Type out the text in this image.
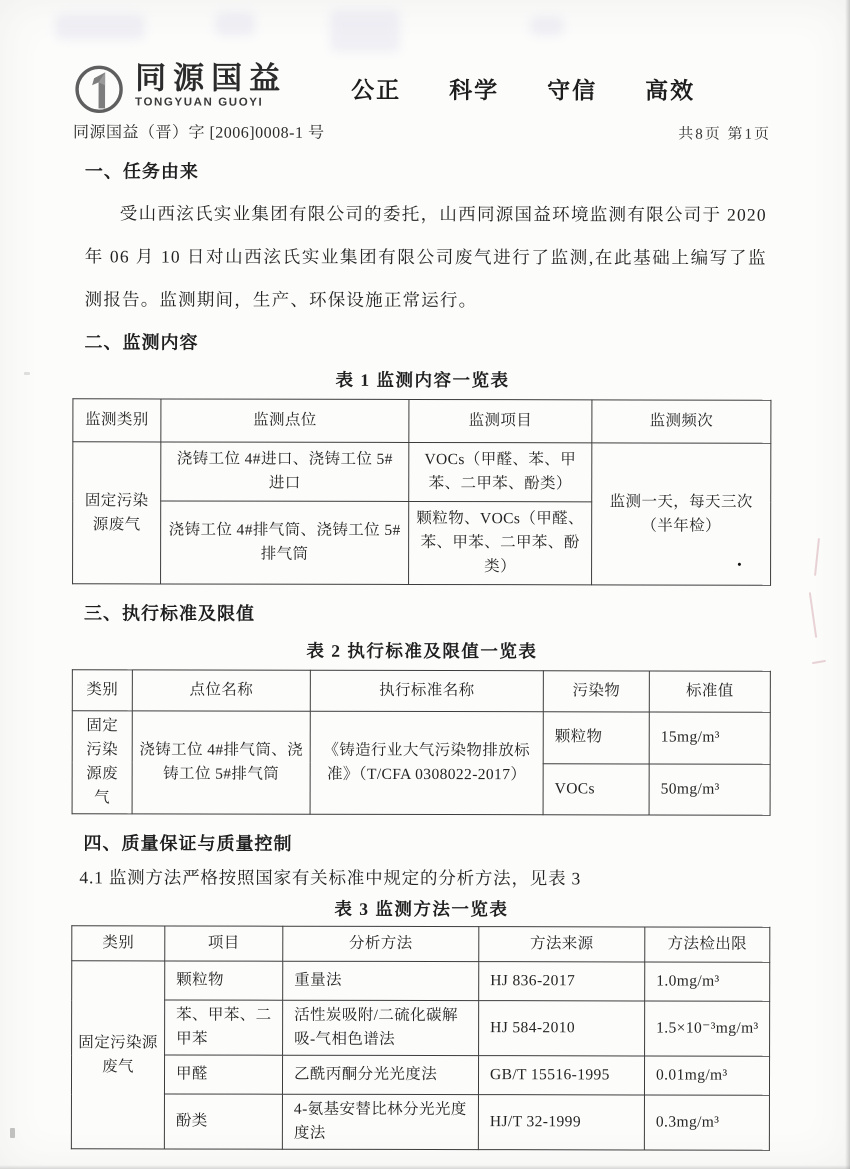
同源国益
TONGYUAN GUOYI	公正 科学 守信 高效
同源国益（晋）字 [2006]0008-1 号	共8页 第1页
一、任务由来
受山西泫氏实业集团有限公司的委托，山西同源国益环境监测有限公司于 2020 年 06 月 10 日对山西泫氏实业集团有限公司废气进行了监测,在此基础上编写了监测报告。监测期间，生产、环保设施正常运行。
二、监测内容
表 1 监测内容一览表
监测类别	监测点位	监测项目	监测频次
固定污染源废气	浇铸工位 4#进口、浇铸工位 5# 进口	VOCs（甲醛、苯、甲苯、二甲苯、酚类）	监测一天，每天三次（半年检）
•

	浇铸工位 4#排气筒、浇铸工位 5#排气筒	颗粒物、VOCs（甲醛、苯、甲苯、二甲苯、酚类）	
三、执行标准及限值
表 2 执行标准及限值一览表
类别	点位名称	执行标准名称	污染物	标准值
固定污染源废气	浇铸工位 4#排气筒、浇铸工位 5#排气筒	《铸造行业大气污染物排放标准》（T/CFA 0308022-2017）	颗粒物	15mg/m³
			VOCs	50mg/m³
四、质量保证与质量控制
4.1 监测方法严格按照国家有关标准中规定的分析方法，见表 3
表 3 监测方法一览表
类别	项目	分析方法	方法来源	方法检出限
固定污染源废气	颗粒物	重量法	HJ 836-2017	1.0mg/m³
	苯、甲苯、二甲苯	活性炭吸附/二硫化碳解吸-气相色谱法	HJ 584-2010	1.5×10⁻³mg/m³
	甲醛	乙酰丙酮分光光度法	GB/T 15516-1995	0.01mg/m³
	酚类	4-氨基安替比林分光光度度法	HJ/T 32-1999	0.3mg/m³
